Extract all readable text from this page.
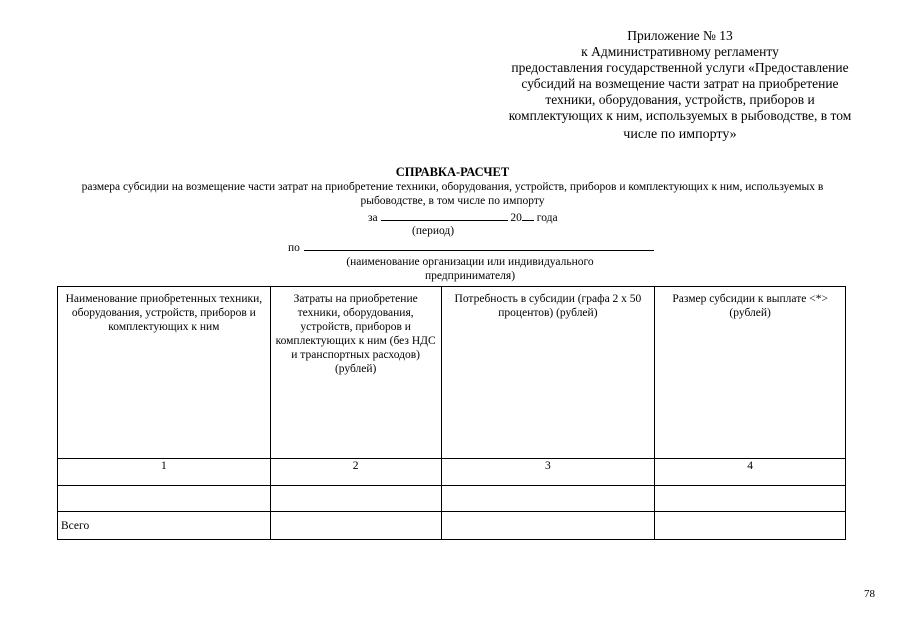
Приложение № 13
к Административному регламенту
предоставления государственной услуги «Предоставление
субсидий на возмещение части затрат на приобретение
техники, оборудования, устройств, приборов и
комплектующих к ним, используемых в рыбоводстве, в том
числе по импорту»
СПРАВКА-РАСЧЕТ
размера субсидии на возмещение части затрат на приобретение техники, оборудования, устройств, приборов и комплектующих к ним, используемых в рыбоводстве, в том числе по импорту
за	20 года
(период)
по
(наименование организации или индивидуального предпринимателя)
Наименование приобретенных техники, оборудования, устройств, приборов и комплектующих к ним	Затраты на приобретение техники, оборудования, устройств, приборов и комплектующих к ним (без НДС и транспортных расходов) (рублей)	Потребность в субсидии (графа 2 x 50 процентов) (рублей)	Размер субсидии к выплате <*> (рублей)

1	2	3	4

Всего			
78
